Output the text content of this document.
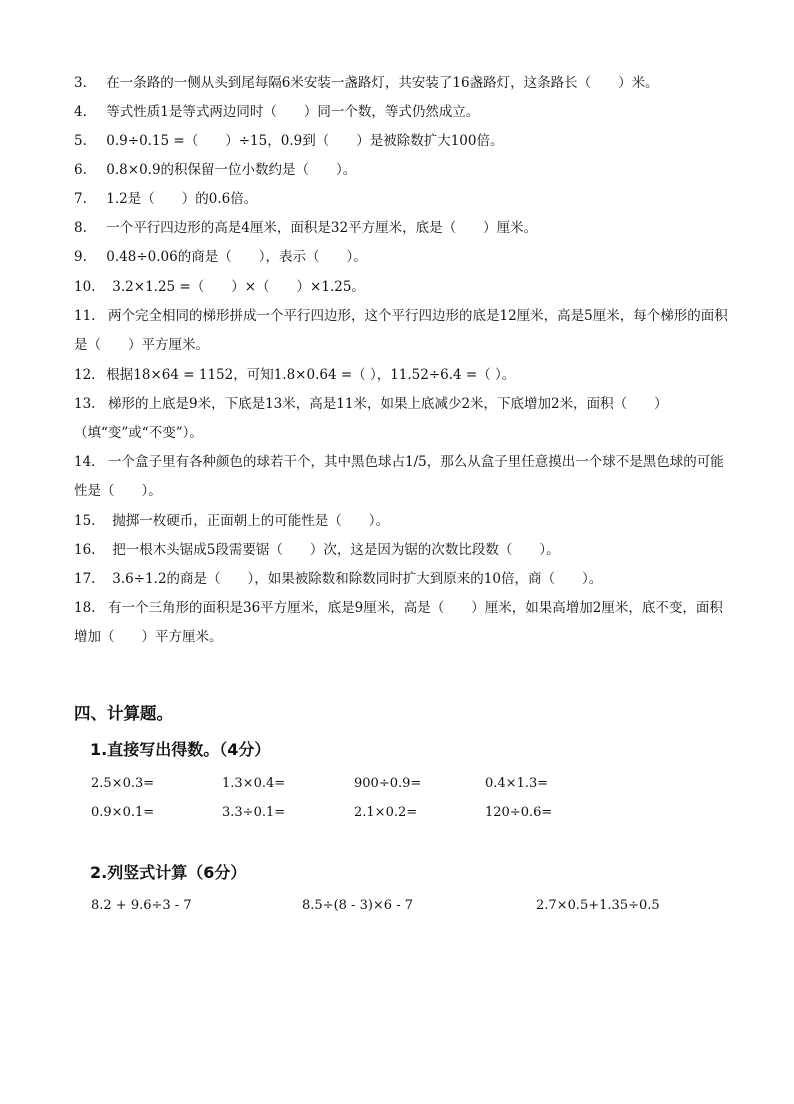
3. 在一条路的一侧从头到尾每隔6米安装一盏路灯，共安装了16盏路灯，这条路长（　　）米。
4. 等式性质1是等式两边同时（　　）同一个数，等式仍然成立。
5. 0.9÷0.15 =（　　）÷15，0.9到（　　）是被除数扩大100倍。
6. 0.8×0.9的积保留一位小数约是（　　）。
7. 1.2是（　　）的0.6倍。
8. 一个平行四边形的高是4厘米，面积是32平方厘米，底是（　　）厘米。
9. 0.48÷0.06的商是（　　），表示（　　）。
10. 3.2×1.25 =（　　）×（　　）×1.25。
11. 两个完全相同的梯形拼成一个平行四边形，这个平行四边形的底是12厘米，高是5厘米，每个梯形的面积是（　　）平方厘米。
12. 根据18×64 = 1152，可知1.8×0.64 =（ ），11.52÷6.4 =（ ）。
13. 梯形的上底是9米，下底是13米，高是11米，如果上底减少2米，下底增加2米，面积（　　）（填“变”或“不变”）。
14. 一个盒子里有各种颜色的球若干个，其中黑色球占1/5，那么从盒子里任意摸出一个球不是黑色球的可能性是（　　）。
15. 抛掷一枚硬币，正面朝上的可能性是（　　）。
16. 把一根木头锯成5段需要锯（　　）次，这是因为锯的次数比段数（　　）。
17. 3.6÷1.2的商是（　　），如果被除数和除数同时扩大到原来的10倍，商（　　）。
18. 有一个三角形的面积是36平方厘米，底是9厘米，高是（　　）厘米，如果高增加2厘米，底不变，面积增加（　　）平方厘米。
四、计算题。
1.直接写出得数。（4分）
2.5×0.3=	1.3×0.4=	900÷0.9=	0.4×1.3=
0.9×0.1=	3.3÷0.1=	2.1×0.2=	120÷0.6=
2.列竖式计算（6分）
8.2 + 9.6÷3 - 7	8.5÷(8 - 3)×6 - 7	2.7×0.5+1.35÷0.5
